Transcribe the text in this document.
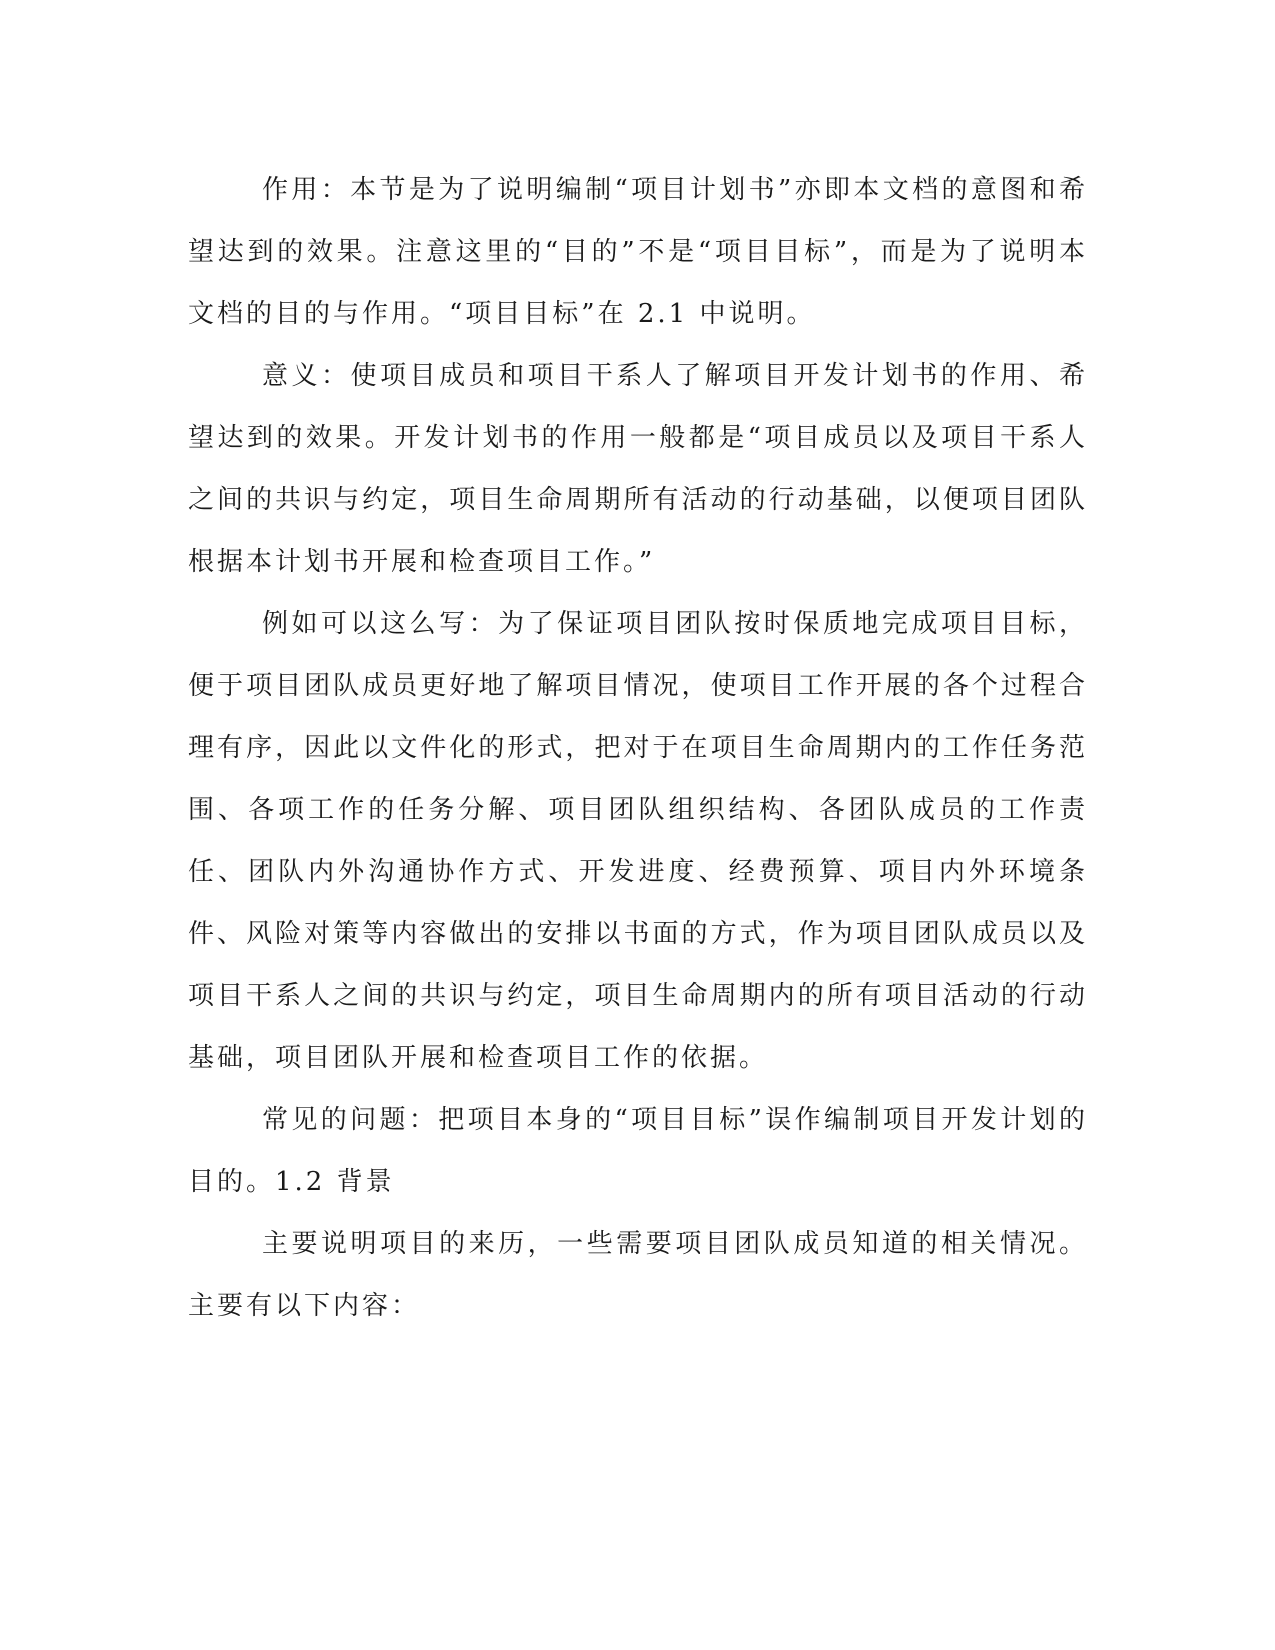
作用：本节是为了说明编制“项目计划书”亦即本文档的意图和希望达到的效果。注意这里的“目的”不是“项目目标”，而是为了说明本文档的目的与作用。“项目目标”在 2.1 中说明。

意义：使项目成员和项目干系人了解项目开发计划书的作用、希望达到的效果。开发计划书的作用一般都是“项目成员以及项目干系人之间的共识与约定，项目生命周期所有活动的行动基础，以便项目团队根据本计划书开展和检查项目工作。”

例如可以这么写：为了保证项目团队按时保质地完成项目目标，便于项目团队成员更好地了解项目情况，使项目工作开展的各个过程合理有序，因此以文件化的形式，把对于在项目生命周期内的工作任务范围、各项工作的任务分解、项目团队组织结构、各团队成员的工作责任、团队内外沟通协作方式、开发进度、经费预算、项目内外环境条件、风险对策等内容做出的安排以书面的方式，作为项目团队成员以及项目干系人之间的共识与约定，项目生命周期内的所有项目活动的行动基础，项目团队开展和检查项目工作的依据。

常见的问题：把项目本身的“项目目标”误作编制项目开发计划的目的。1.2 背景

主要说明项目的来历，一些需要项目团队成员知道的相关情况。主要有以下内容：
